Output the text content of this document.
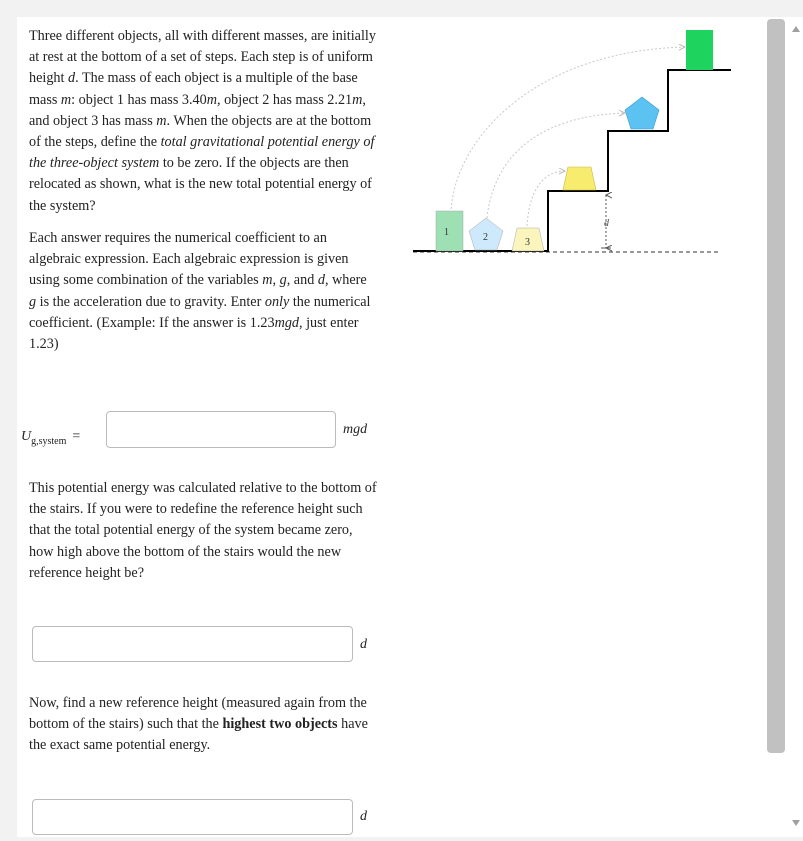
Three different objects, all with different masses, are initially at rest at the bottom of a set of steps. Each step is of uniform height d. The mass of each object is a multiple of the base mass m: object 1 has mass 3.40m, object 2 has mass 2.21m, and object 3 has mass m. When the objects are at the bottom of the steps, define the total gravitational potential energy of the three-object system to be zero. If the objects are then relocated as shown, what is the new total potential energy of the system?
Each answer requires the numerical coefficient to an algebraic expression. Each algebraic expression is given using some combination of the variables m, g, and d, where g is the acceleration due to gravity. Enter only the numerical coefficient. (Example: If the answer is 1.23mgd, just enter 1.23)
$U_{g,system}$ =	mgd
This potential energy was calculated relative to the bottom of the stairs. If you were to redefine the reference height such that the total potential energy of the system became zero, how high above the bottom of the stairs would the new reference height be?
d
Now, find a new reference height (measured again from the bottom of the stairs) such that the highest two objects have the exact same potential energy.
d
d
1	2	3
